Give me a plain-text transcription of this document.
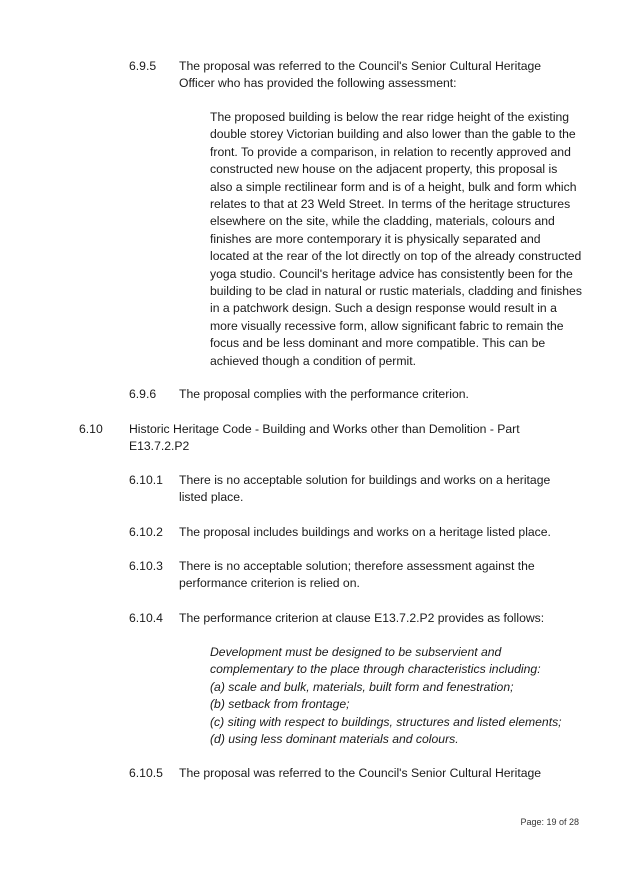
6.9.5 The proposal was referred to the Council's Senior Cultural Heritage Officer who has provided the following assessment:

The proposed building is below the rear ridge height of the existing double storey Victorian building and also lower than the gable to the front. To provide a comparison, in relation to recently approved and constructed new house on the adjacent property, this proposal is also a simple rectilinear form and is of a height, bulk and form which relates to that at 23 Weld Street. In terms of the heritage structures elsewhere on the site, while the cladding, materials, colours and finishes are more contemporary it is physically separated and located at the rear of the lot directly on top of the already constructed yoga studio. Council's heritage advice has consistently been for the building to be clad in natural or rustic materials, cladding and finishes in a patchwork design. Such a design response would result in a more visually recessive form, allow significant fabric to remain the focus and be less dominant and more compatible. This can be achieved though a condition of permit.

6.9.6 The proposal complies with the performance criterion.
6.10 Historic Heritage Code - Building and Works other than Demolition - Part E13.7.2.P2
6.10.1 There is no acceptable solution for buildings and works on a heritage listed place.
6.10.2 The proposal includes buildings and works on a heritage listed place.
6.10.3 There is no acceptable solution; therefore assessment against the performance criterion is relied on.
6.10.4 The performance criterion at clause E13.7.2.P2 provides as follows:

Development must be designed to be subservient and complementary to the place through characteristics including:

(a) scale and bulk, materials, built form and fenestration;

(b) setback from frontage;

(c) siting with respect to buildings, structures and listed elements;

(d) using less dominant materials and colours.

6.10.5 The proposal was referred to the Council's Senior Cultural Heritage
Page: 19 of 28
